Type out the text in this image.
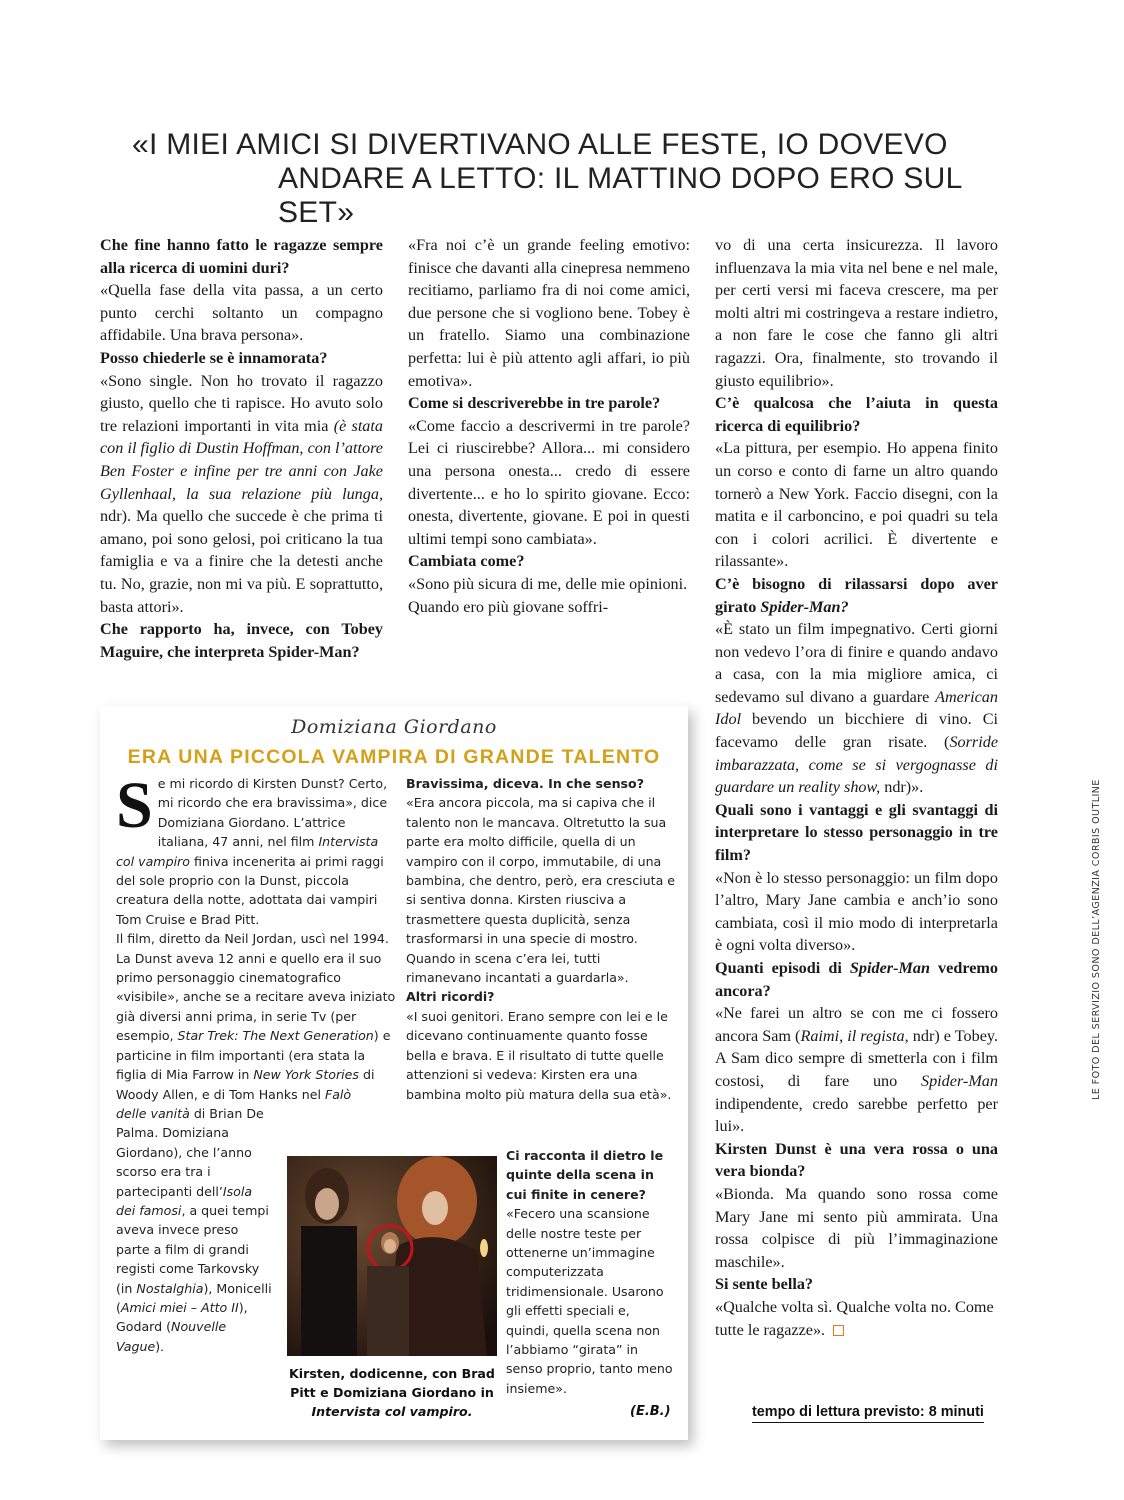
«I MIEI AMICI SI DIVERTIVANO ALLE FESTE, IO DOVEVO
ANDARE A LETTO: IL MATTINO DOPO ERO SUL SET»

Che fine hanno fatto le ragazze sempre alla ricerca di uomini duri?

«Quella fase della vita passa, a un certo punto cerchi soltanto un compagno affidabile. Una brava persona».

Posso chiederle se è innamorata?

«Sono single. Non ho trovato il ragazzo giusto, quello che ti rapisce. Ho avuto solo tre relazioni importanti in vita mia (è stata con il figlio di Dustin Hoffman, con l’attore Ben Foster e infine per tre anni con Jake Gyllenhaal, la sua relazione più lunga, ndr). Ma quello che succede è che prima ti amano, poi sono gelosi, poi criticano la tua famiglia e va a finire che la detesti anche tu. No, grazie, non mi va più. E soprattutto, basta attori».

Che rapporto ha, invece, con Tobey Maguire, che interpreta Spider-Man?

«Fra noi c’è un grande feeling emotivo: finisce che davanti alla cinepresa nemmeno recitiamo, parliamo fra di noi come amici, due persone che si vogliono bene. Tobey è un fratello. Siamo una combinazione perfetta: lui è più attento agli affari, io più emotiva».

Come si descriverebbe in tre parole?

«Come faccio a descrivermi in tre parole? Lei ci riuscirebbe? Allora... mi considero una persona onesta... credo di essere divertente... e ho lo spirito giovane. Ecco: onesta, divertente, giovane. E poi in questi ultimi tempi sono cambiata».

Cambiata come?

«Sono più sicura di me, delle mie opinioni. Quando ero più giovane soffri-

vo di una certa insicurezza. Il lavoro influenzava la mia vita nel bene e nel male, per certi versi mi faceva crescere, ma per molti altri mi costringeva a restare indietro, a non fare le cose che fanno gli altri ragazzi. Ora, finalmente, sto trovando il giusto equilibrio».

C’è qualcosa che l’aiuta in questa ricerca di equilibrio?

«La pittura, per esempio. Ho appena finito un corso e conto di farne un altro quando tornerò a New York. Faccio disegni, con la matita e il carboncino, e poi quadri su tela con i colori acrilici. È divertente e rilassante».

C’è bisogno di rilassarsi dopo aver girato Spider-Man?

«È stato un film impegnativo. Certi giorni non vedevo l’ora di finire e quando andavo a casa, con la mia migliore amica, ci sedevamo sul divano a guardare American Idol bevendo un bicchiere di vino. Ci facevamo delle gran risate. (Sorride imbarazzata, come se si vergognasse di guardare un reality show, ndr)».

Quali sono i vantaggi e gli svantaggi di interpretare lo stesso personaggio in tre film?

«Non è lo stesso personaggio: un film dopo l’altro, Mary Jane cambia e anch’io sono cambiata, così il mio modo di interpretarla è ogni volta diverso».

Quanti episodi di Spider-Man vedremo ancora?

«Ne farei un altro se con me ci fossero ancora Sam (Raimi, il regista, ndr) e Tobey. A Sam dico sempre di smetterla con i film costosi, di fare uno Spider-Man indipendente, credo sarebbe perfetto per lui».

Kirsten Dunst è una vera rossa o una vera bionda?

«Bionda. Ma quando sono rossa come Mary Jane mi sento più ammirata. Una rossa colpisce di più l’immaginazione maschile».

Si sente bella?

«Qualche volta sì. Qualche volta no. Come tutte le ragazze».

Domiziana Giordano
ERA UNA PICCOLA VAMPIRA DI GRANDE TALENTO

Se mi ricordo di Kirsten Dunst? Certo, mi ricordo che era bravissima», dice Domiziana Giordano. L’attrice italiana, 47 anni, nel film Intervista col vampiro finiva incenerita ai primi raggi del sole proprio con la Dunst, piccola creatura della notte, adottata dai vampiri Tom Cruise e Brad Pitt.

Il film, diretto da Neil Jordan, uscì nel 1994. La Dunst aveva 12 anni e quello era il suo primo personaggio cinematografico «visibile», anche se a recitare aveva iniziato già diversi anni prima, in serie Tv (per esempio, Star Trek: The Next Generation) e particine in film importanti (era stata la figlia di Mia Farrow in New York Stories di Woody Allen, e di Tom Hanks nel Falò

delle vanità di Brian De Palma. Domiziana Giordano), che l’anno scorso era tra i partecipanti dell’Isola dei famosi, a quei tempi aveva invece preso parte a film di grandi registi come Tarkovsky (in Nostalghia), Monicelli (Amici miei – Atto II), Godard (Nouvelle Vague).

Bravissima, diceva. In che senso?

«Era ancora piccola, ma si capiva che il talento non le mancava. Oltretutto la sua parte era molto difficile, quella di un vampiro con il corpo, immutabile, di una bambina, che dentro, però, era cresciuta e si sentiva donna. Kirsten riusciva a trasmettere questa duplicità, senza trasformarsi in una specie di mostro. Quando in scena c’era lei, tutti rimanevano incantati a guardarla».

Altri ricordi?

«I suoi genitori. Erano sempre con lei e le dicevano continuamente quanto fosse bella e brava. E il risultato di tutte quelle attenzioni si vedeva: Kirsten era una bambina molto più matura della sua età».

Ci racconta il dietro le quinte della scena in cui finite in cenere?

«Fecero una scansione delle nostre teste per ottenerne un’immagine computerizzata tridimensionale. Usarono gli effetti speciali e, quindi, quella scena non l’abbiamo “girata” in senso proprio, tanto meno insieme».

Kirsten, dodicenne, con Brad Pitt e Domiziana Giordano in Intervista col vampiro.	(E.B.)	tempo di lettura previsto: 8 minuti
LE FOTO DEL SERVIZIO SONO DELL’AGENZIA CORBIS OUTLINE
